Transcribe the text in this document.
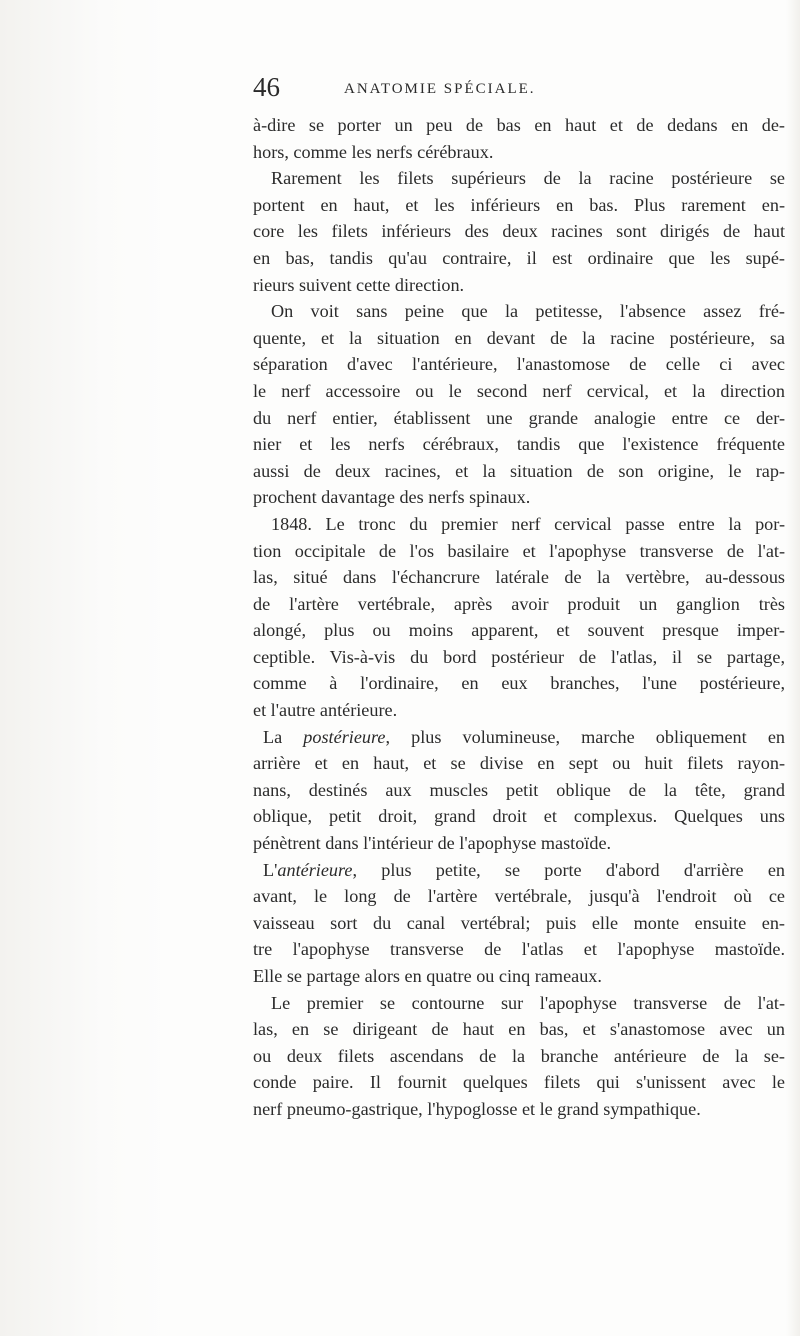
46	ANATOMIE SPÉCIALE.
à-dire se porter un peu de bas en haut et de dedans en de-
hors, comme les nerfs cérébraux.
Rarement les filets supérieurs de la racine postérieure se
portent en haut, et les inférieurs en bas. Plus rarement en-
core les filets inférieurs des deux racines sont dirigés de haut
en bas, tandis qu'au contraire, il est ordinaire que les supé-
rieurs suivent cette direction.
On voit sans peine que la petitesse, l'absence assez fré-
quente, et la situation en devant de la racine postérieure, sa
séparation d'avec l'antérieure, l'anastomose de celle ci avec
le nerf accessoire ou le second nerf cervical, et la direction
du nerf entier, établissent une grande analogie entre ce der-
nier et les nerfs cérébraux, tandis que l'existence fréquente
aussi de deux racines, et la situation de son origine, le rap-
prochent davantage des nerfs spinaux.
1848. Le tronc du premier nerf cervical passe entre la por-
tion occipitale de l'os basilaire et l'apophyse transverse de l'at-
las, situé dans l'échancrure latérale de la vertèbre, au-dessous
de l'artère vertébrale, après avoir produit un ganglion très
alongé, plus ou moins apparent, et souvent presque imper-
ceptible. Vis-à-vis du bord postérieur de l'atlas, il se partage,
comme à l'ordinaire, en eux branches, l'une postérieure,
et l'autre antérieure.
La postérieure, plus volumineuse, marche obliquement en
arrière et en haut, et se divise en sept ou huit filets rayon-
nans, destinés aux muscles petit oblique de la tête, grand
oblique, petit droit, grand droit et complexus. Quelques uns
pénètrent dans l'intérieur de l'apophyse mastoïde.
L'antérieure, plus petite, se porte d'abord d'arrière en
avant, le long de l'artère vertébrale, jusqu'à l'endroit où ce
vaisseau sort du canal vertébral; puis elle monte ensuite en-
tre l'apophyse transverse de l'atlas et l'apophyse mastoïde.
Elle se partage alors en quatre ou cinq rameaux.
Le premier se contourne sur l'apophyse transverse de l'at-
las, en se dirigeant de haut en bas, et s'anastomose avec un
ou deux filets ascendans de la branche antérieure de la se-
conde paire. Il fournit quelques filets qui s'unissent avec le
nerf pneumo-gastrique, l'hypoglosse et le grand sympathique.
